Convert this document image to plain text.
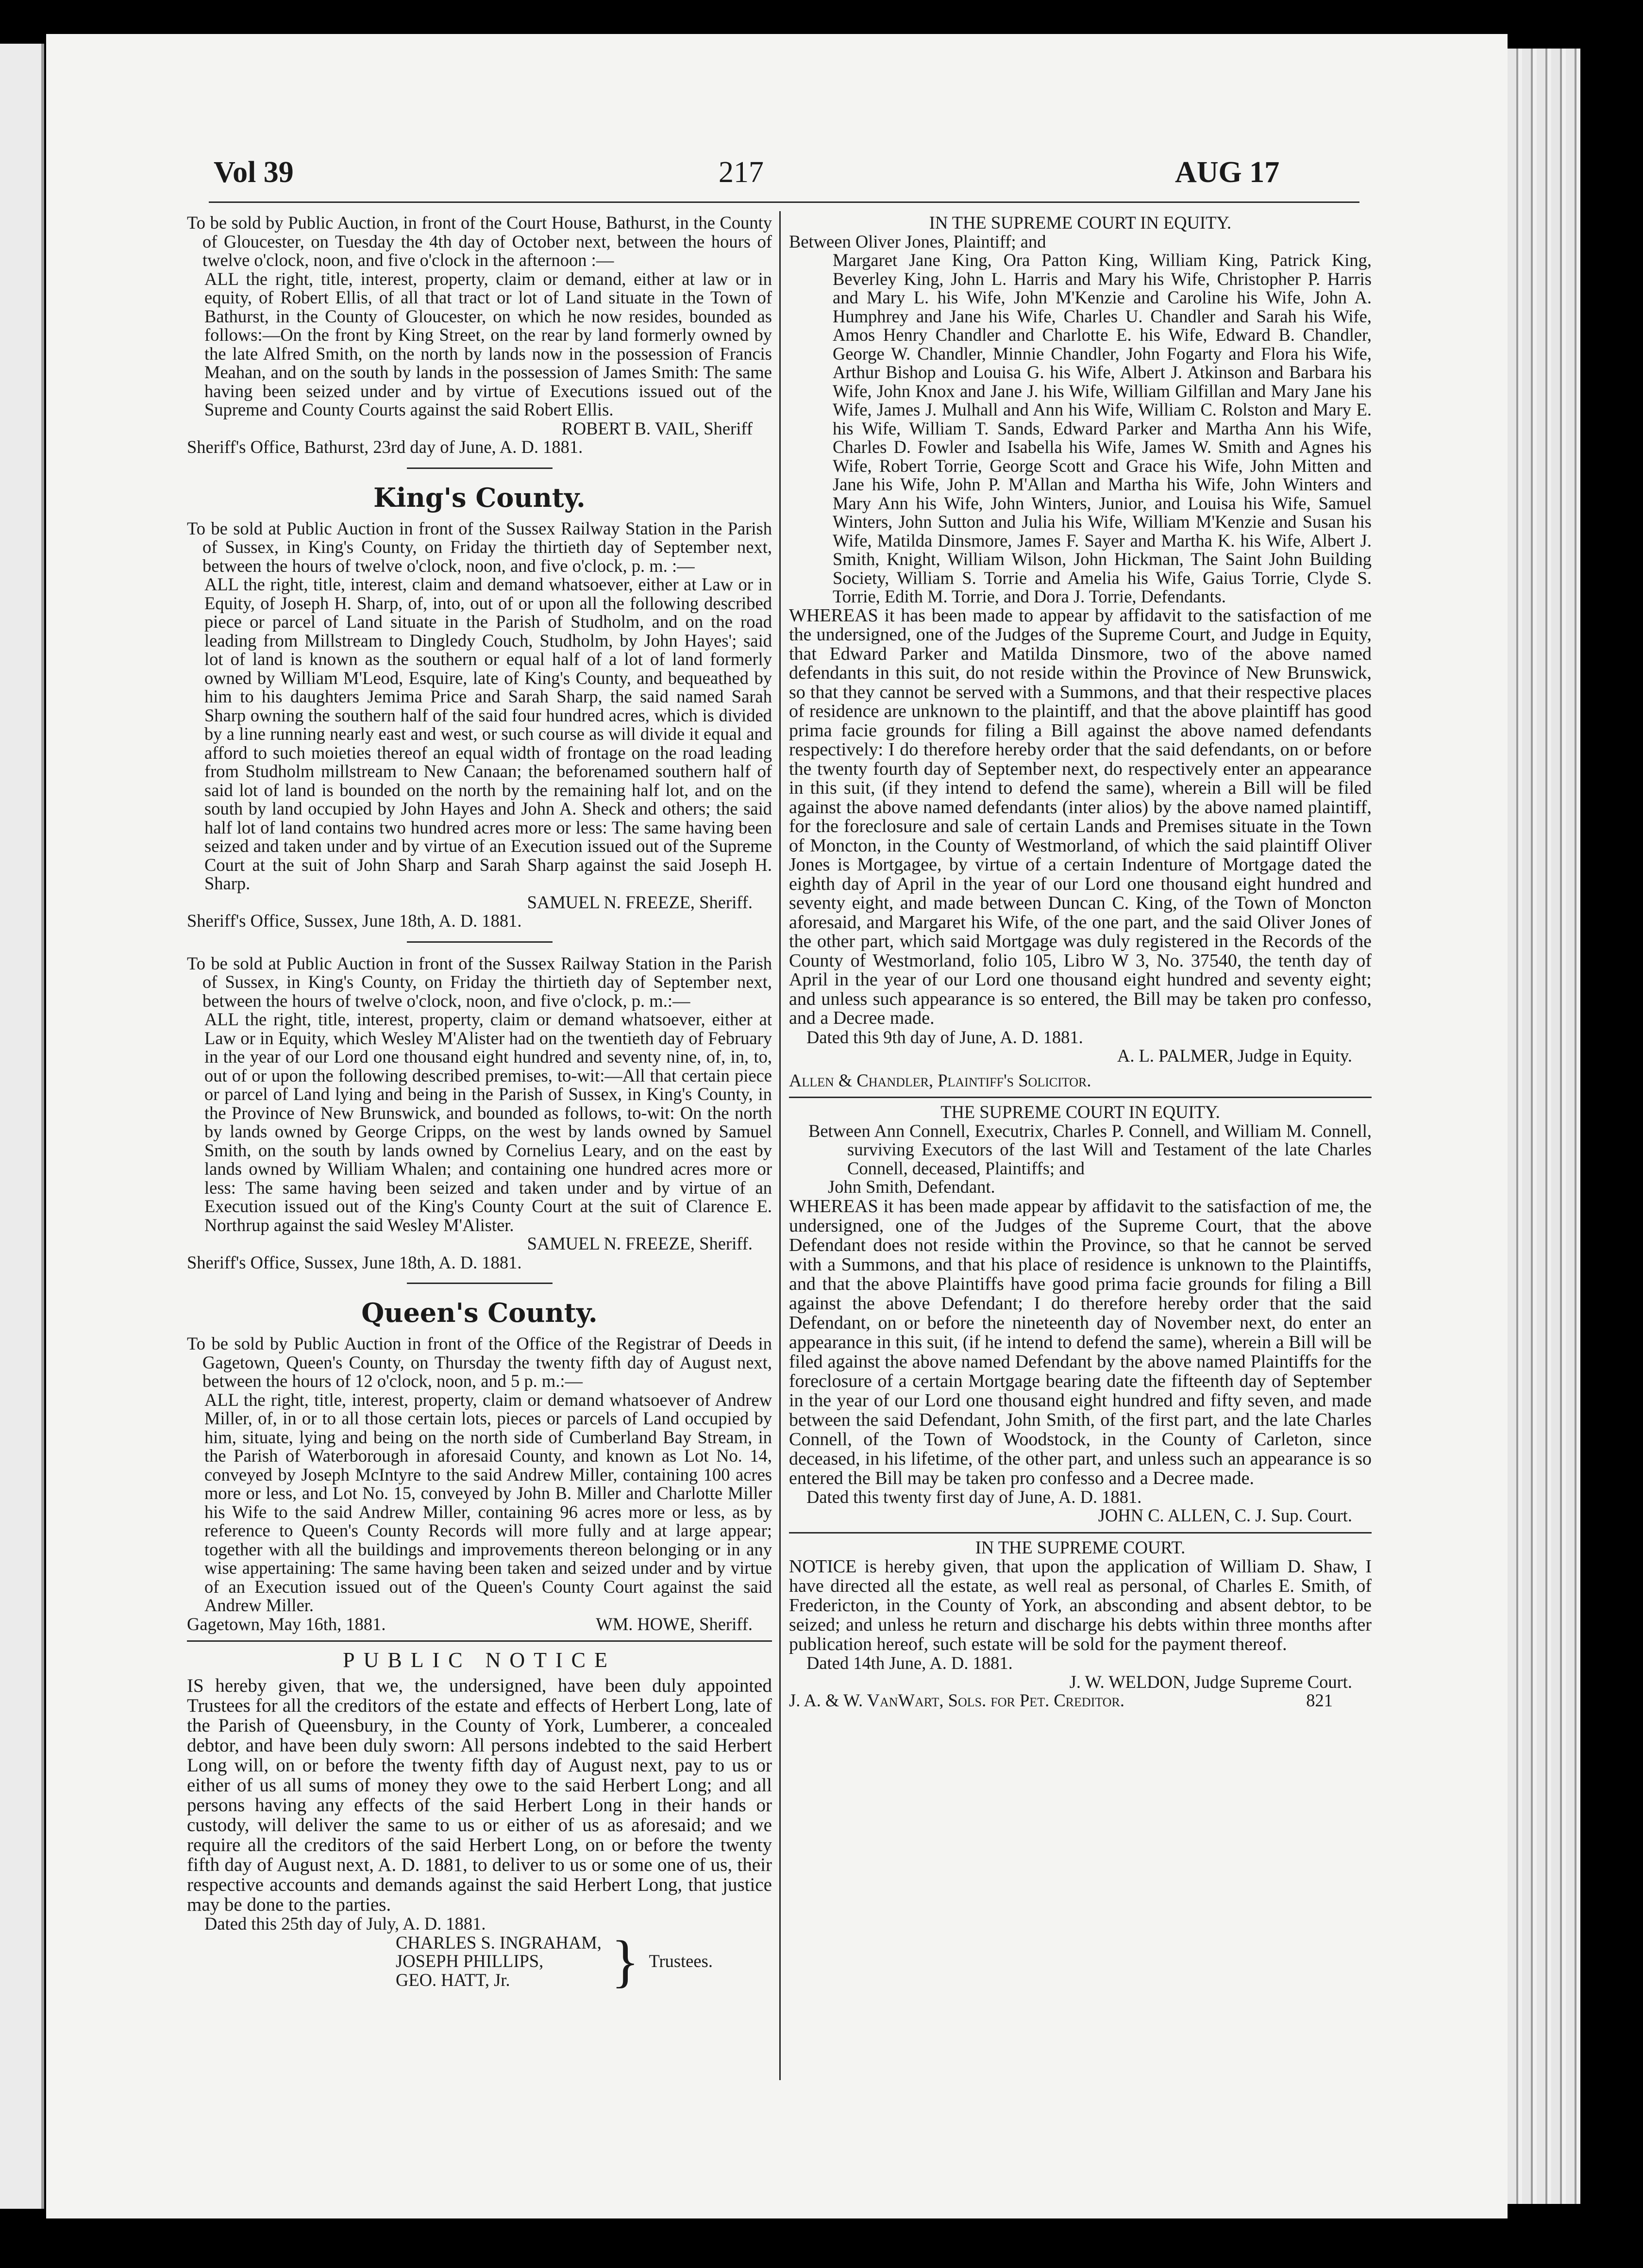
Vol 39	217	AUG 17

To be sold by Public Auction, in front of the Court House, Bathurst, in the County of Gloucester, on Tuesday the 4th day of October next, between the hours of twelve o'clock, noon, and five o'clock in the afternoon :—

ALL the right, title, interest, property, claim or demand, either at law or in equity, of Robert Ellis, of all that tract or lot of Land situate in the Town of Bathurst, in the County of Gloucester, on which he now resides, bounded as follows:—On the front by King Street, on the rear by land formerly owned by the late Alfred Smith, on the north by lands now in the possession of Francis Meahan, and on the south by lands in the possession of James Smith: The same having been seized under and by virtue of Executions issued out of the Supreme and County Courts against the said Robert Ellis.

ROBERT B. VAIL, Sheriff

Sheriff's Office, Bathurst, 23rd day of June, A. D. 1881.

King's County.

To be sold at Public Auction in front of the Sussex Railway Station in the Parish of Sussex, in King's County, on Friday the thirtieth day of September next, between the hours of twelve o'clock, noon, and five o'clock, p. m. :—

ALL the right, title, interest, claim and demand whatsoever, either at Law or in Equity, of Joseph H. Sharp, of, into, out of or upon all the following described piece or parcel of Land situate in the Parish of Studholm, and on the road leading from Millstream to Dingledy Couch, Studholm, by John Hayes'; said lot of land is known as the southern or equal half of a lot of land formerly owned by William M'Leod, Esquire, late of King's County, and bequeathed by him to his daughters Jemima Price and Sarah Sharp, the said named Sarah Sharp owning the southern half of the said four hundred acres, which is divided by a line running nearly east and west, or such course as will divide it equal and afford to such moieties thereof an equal width of frontage on the road leading from Studholm millstream to New Canaan; the beforenamed southern half of said lot of land is bounded on the north by the remaining half lot, and on the south by land occupied by John Hayes and John A. Sheck and others; the said half lot of land contains two hundred acres more or less: The same having been seized and taken under and by virtue of an Execution issued out of the Supreme Court at the suit of John Sharp and Sarah Sharp against the said Joseph H. Sharp.

SAMUEL N. FREEZE, Sheriff.

Sheriff's Office, Sussex, June 18th, A. D. 1881.

To be sold at Public Auction in front of the Sussex Railway Station in the Parish of Sussex, in King's County, on Friday the thirtieth day of September next, between the hours of twelve o'clock, noon, and five o'clock, p. m.:—

ALL the right, title, interest, property, claim or demand whatsoever, either at Law or in Equity, which Wesley M'Alister had on the twentieth day of February in the year of our Lord one thousand eight hundred and seventy nine, of, in, to, out of or upon the following described premises, to-wit:—All that certain piece or parcel of Land lying and being in the Parish of Sussex, in King's County, in the Province of New Brunswick, and bounded as follows, to-wit: On the north by lands owned by George Cripps, on the west by lands owned by Samuel Smith, on the south by lands owned by Cornelius Leary, and on the east by lands owned by William Whalen; and containing one hundred acres more or less: The same having been seized and taken under and by virtue of an Execution issued out of the King's County Court at the suit of Clarence E. Northrup against the said Wesley M'Alister.

SAMUEL N. FREEZE, Sheriff.

Sheriff's Office, Sussex, June 18th, A. D. 1881.

Queen's County.

To be sold by Public Auction in front of the Office of the Registrar of Deeds in Gagetown, Queen's County, on Thursday the twenty fifth day of August next, between the hours of 12 o'clock, noon, and 5 p. m.:—

ALL the right, title, interest, property, claim or demand whatsoever of Andrew Miller, of, in or to all those certain lots, pieces or parcels of Land occupied by him, situate, lying and being on the north side of Cumberland Bay Stream, in the Parish of Waterborough in aforesaid County, and known as Lot No. 14, conveyed by Joseph McIntyre to the said Andrew Miller, containing 100 acres more or less, and Lot No. 15, conveyed by John B. Miller and Charlotte Miller his Wife to the said Andrew Miller, containing 96 acres more or less, as by reference to Queen's County Records will more fully and at large appear; together with all the buildings and improvements thereon belonging or in any wise appertaining: The same having been taken and seized under and by virtue of an Execution issued out of the Queen's County Court against the said Andrew Miller.

Gagetown, May 16th, 1881.	WM. HOWE, Sheriff.
PUBLIC NOTICE

IS hereby given, that we, the undersigned, have been duly appointed Trustees for all the creditors of the estate and effects of Herbert Long, late of the Parish of Queensbury, in the County of York, Lumberer, a concealed debtor, and have been duly sworn: All persons indebted to the said Herbert Long will, on or before the twenty fifth day of August next, pay to us or either of us all sums of money they owe to the said Herbert Long; and all persons having any effects of the said Herbert Long in their hands or custody, will deliver the same to us or either of us as aforesaid; and we require all the creditors of the said Herbert Long, on or before the twenty fifth day of August next, A. D. 1881, to deliver to us or some one of us, their respective accounts and demands against the said Herbert Long, that justice may be done to the parties.

Dated this 25th day of July, A. D. 1881.

CHARLES S. INGRAHAM,
JOSEPH PHILLIPS,
GEO. HATT, Jr.	} Trustees.

IN THE SUPREME COURT IN EQUITY.

Between Oliver Jones, Plaintiff; and

Margaret Jane King, Ora Patton King, William King, Patrick King, Beverley King, John L. Harris and Mary his Wife, Christopher P. Harris and Mary L. his Wife, John M'Kenzie and Caroline his Wife, John A. Humphrey and Jane his Wife, Charles U. Chandler and Sarah his Wife, Amos Henry Chandler and Charlotte E. his Wife, Edward B. Chandler, George W. Chandler, Minnie Chandler, John Fogarty and Flora his Wife, Arthur Bishop and Louisa G. his Wife, Albert J. Atkinson and Barbara his Wife, John Knox and Jane J. his Wife, William Gilfillan and Mary Jane his Wife, James J. Mulhall and Ann his Wife, William C. Rolston and Mary E. his Wife, William T. Sands, Edward Parker and Martha Ann his Wife, Charles D. Fowler and Isabella his Wife, James W. Smith and Agnes his Wife, Robert Torrie, George Scott and Grace his Wife, John Mitten and Jane his Wife, John P. M'Allan and Martha his Wife, John Winters and Mary Ann his Wife, John Winters, Junior, and Louisa his Wife, Samuel Winters, John Sutton and Julia his Wife, William M'Kenzie and Susan his Wife, Matilda Dinsmore, James F. Sayer and Martha K. his Wife, Albert J. Smith, Knight, William Wilson, John Hickman, The Saint John Building Society, William S. Torrie and Amelia his Wife, Gaius Torrie, Clyde S. Torrie, Edith M. Torrie, and Dora J. Torrie, Defendants.

WHEREAS it has been made to appear by affidavit to the satisfaction of me the undersigned, one of the Judges of the Supreme Court, and Judge in Equity, that Edward Parker and Matilda Dinsmore, two of the above named defendants in this suit, do not reside within the Province of New Brunswick, so that they cannot be served with a Summons, and that their respective places of residence are unknown to the plaintiff, and that the above plaintiff has good prima facie grounds for filing a Bill against the above named defendants respectively: I do therefore hereby order that the said defendants, on or before the twenty fourth day of September next, do respectively enter an appearance in this suit, (if they intend to defend the same), wherein a Bill will be filed against the above named defendants (inter alios) by the above named plaintiff, for the foreclosure and sale of certain Lands and Premises situate in the Town of Moncton, in the County of Westmorland, of which the said plaintiff Oliver Jones is Mortgagee, by virtue of a certain Indenture of Mortgage dated the eighth day of April in the year of our Lord one thousand eight hundred and seventy eight, and made between Duncan C. King, of the Town of Moncton aforesaid, and Margaret his Wife, of the one part, and the said Oliver Jones of the other part, which said Mortgage was duly registered in the Records of the County of Westmorland, folio 105, Libro W 3, No. 37540, the tenth day of April in the year of our Lord one thousand eight hundred and seventy eight; and unless such appearance is so entered, the Bill may be taken pro confesso, and a Decree made.

Dated this 9th day of June, A. D. 1881.

A. L. PALMER, Judge in Equity.

Allen & Chandler, Plaintiff's Solicitor.

THE SUPREME COURT IN EQUITY.

Between Ann Connell, Executrix, Charles P. Connell, and William M. Connell, surviving Executors of the last Will and Testament of the late Charles Connell, deceased, Plaintiffs; and

John Smith, Defendant.

WHEREAS it has been made appear by affidavit to the satisfaction of me, the undersigned, one of the Judges of the Supreme Court, that the above Defendant does not reside within the Province, so that he cannot be served with a Summons, and that his place of residence is unknown to the Plaintiffs, and that the above Plaintiffs have good prima facie grounds for filing a Bill against the above Defendant; I do therefore hereby order that the said Defendant, on or before the nineteenth day of November next, do enter an appearance in this suit, (if he intend to defend the same), wherein a Bill will be filed against the above named Defendant by the above named Plaintiffs for the foreclosure of a certain Mortgage bearing date the fifteenth day of September in the year of our Lord one thousand eight hundred and fifty seven, and made between the said Defendant, John Smith, of the first part, and the late Charles Connell, of the Town of Woodstock, in the County of Carleton, since deceased, in his lifetime, of the other part, and unless such an appearance is so entered the Bill may be taken pro confesso and a Decree made.

Dated this twenty first day of June, A. D. 1881.

JOHN C. ALLEN, C. J. Sup. Court.

IN THE SUPREME COURT.

NOTICE is hereby given, that upon the application of William D. Shaw, I have directed all the estate, as well real as personal, of Charles E. Smith, of Fredericton, in the County of York, an absconding and absent debtor, to be seized; and unless he return and discharge his debts within three months after publication hereof, such estate will be sold for the payment thereof.

Dated 14th June, A. D. 1881.

J. W. WELDON, Judge Supreme Court.

J. A. & W. VanWart, Sols. for Pet. Creditor.	821
